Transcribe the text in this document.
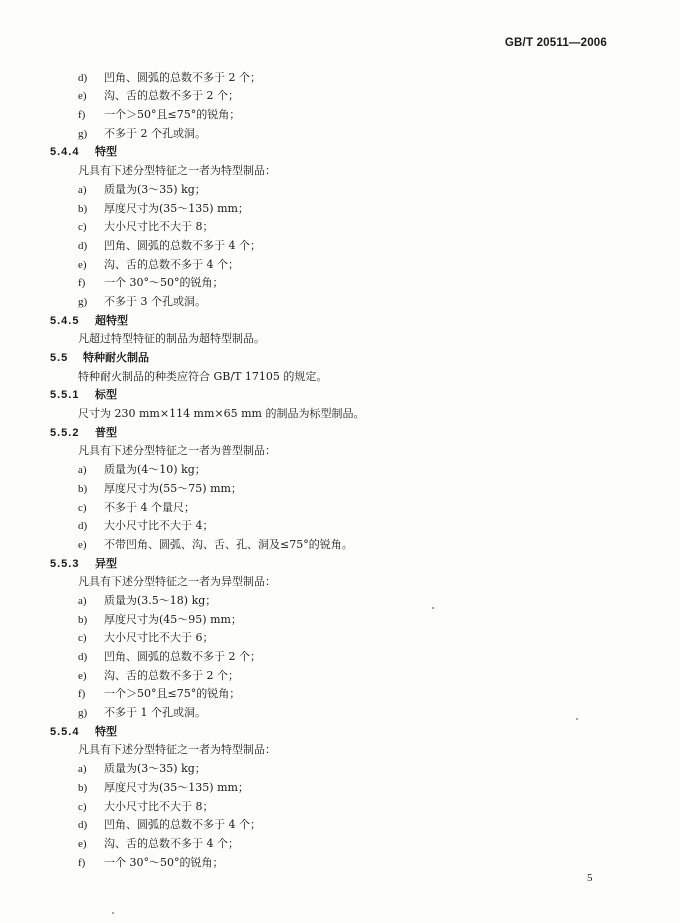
GB/T 20511—2006
d) 凹角、圆弧的总数不多于 2 个；
e) 沟、舌的总数不多于 2 个；
f) 一个＞50°且≤75°的锐角；
g) 不多于 2 个孔或洞。
5.4.4 特型
凡具有下述分型特征之一者为特型制品：
a) 质量为(3～35) kg；
b) 厚度尺寸为(35～135) mm；
c) 大小尺寸比不大于 8；
d) 凹角、圆弧的总数不多于 4 个；
e) 沟、舌的总数不多于 4 个；
f) 一个 30°～50°的锐角；
g) 不多于 3 个孔或洞。
5.4.5 超特型
凡超过特型特征的制品为超特型制品。
5.5 特种耐火制品
特种耐火制品的种类应符合 GB/T 17105 的规定。
5.5.1 标型
尺寸为 230 mm×114 mm×65 mm 的制品为标型制品。
5.5.2 普型
凡具有下述分型特征之一者为普型制品：
a) 质量为(4～10) kg；
b) 厚度尺寸为(55～75) mm；
c) 不多于 4 个量尺；
d) 大小尺寸比不大于 4；
e) 不带凹角、圆弧、沟、舌、孔、洞及≤75°的锐角。
5.5.3 异型
凡具有下述分型特征之一者为异型制品：
a) 质量为(3.5～18) kg；
b) 厚度尺寸为(45～95) mm；
c) 大小尺寸比不大于 6；
d) 凹角、圆弧的总数不多于 2 个；
e) 沟、舌的总数不多于 2 个；
f) 一个＞50°且≤75°的锐角；
g) 不多于 1 个孔或洞。
5.5.4 特型
凡具有下述分型特征之一者为特型制品：
a) 质量为(3～35) kg；
b) 厚度尺寸为(35～135) mm；
c) 大小尺寸比不大于 8；
d) 凹角、圆弧的总数不多于 4 个；
e) 沟、舌的总数不多于 4 个；
f) 一个 30°～50°的锐角；
5
